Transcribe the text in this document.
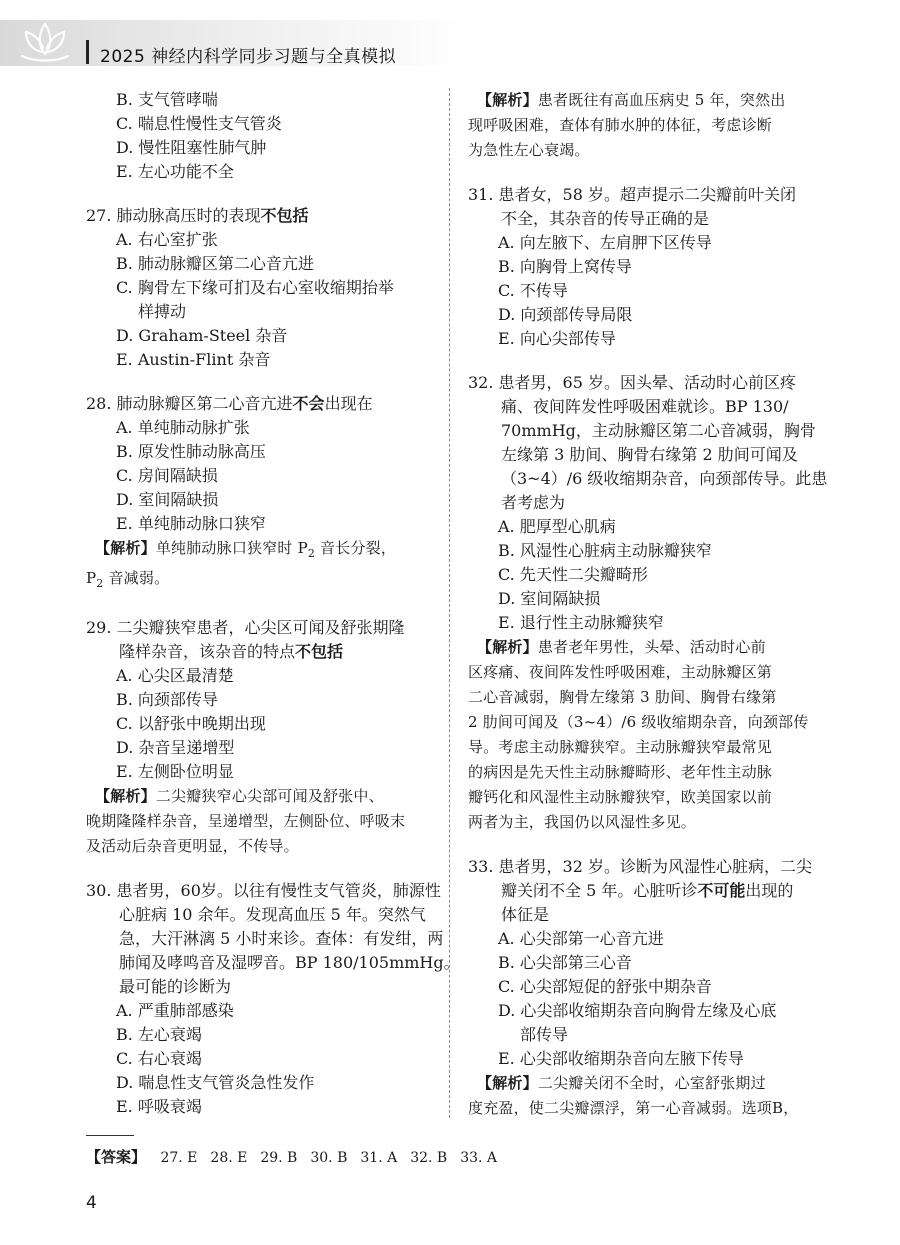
2025 神经内科学同步习题与全真模拟
B. 支气管哮喘
C. 喘息性慢性支气管炎
D. 慢性阻塞性肺气肿
E. 左心功能不全
27. 肺动脉高压时的表现不包括
A. 右心室扩张
B. 肺动脉瓣区第二心音亢进
C. 胸骨左下缘可扪及右心室收缩期抬举
样搏动
D. Graham-Steel 杂音
E. Austin-Flint 杂音
28. 肺动脉瓣区第二心音亢进不会出现在
A. 单纯肺动脉扩张
B. 原发性肺动脉高压
C. 房间隔缺损
D. 室间隔缺损
E. 单纯肺动脉口狭窄
【解析】单纯肺动脉口狭窄时 $P_2$ 音长分裂，
$P_2$ 音减弱。
29. 二尖瓣狭窄患者，心尖区可闻及舒张期隆
隆样杂音，该杂音的特点不包括
A. 心尖区最清楚
B. 向颈部传导
C. 以舒张中晚期出现
D. 杂音呈递增型
E. 左侧卧位明显
【解析】二尖瓣狭窄心尖部可闻及舒张中、
晚期隆隆样杂音，呈递增型，左侧卧位、呼吸末
及活动后杂音更明显，不传导。
30. 患者男，60岁。以往有慢性支气管炎，肺源性
心脏病 10 余年。发现高血压 5 年。突然气
急，大汗淋漓 5 小时来诊。查体：有发绀，两
肺闻及哮鸣音及湿啰音。BP 180/105mmHg。
最可能的诊断为
A. 严重肺部感染
B. 左心衰竭
C. 右心衰竭
D. 喘息性支气管炎急性发作
E. 呼吸衰竭
【解析】患者既往有高血压病史 5 年，突然出
现呼吸困难，查体有肺水肿的体征，考虑诊断
为急性左心衰竭。
31. 患者女，58 岁。超声提示二尖瓣前叶关闭
不全，其杂音的传导正确的是
A. 向左腋下、左肩胛下区传导
B. 向胸骨上窝传导
C. 不传导
D. 向颈部传导局限
E. 向心尖部传导
32. 患者男，65 岁。因头晕、活动时心前区疼
痛、夜间阵发性呼吸困难就诊。BP 130/
70mmHg，主动脉瓣区第二心音减弱，胸骨
左缘第 3 肋间、胸骨右缘第 2 肋间可闻及
（3~4）/6 级收缩期杂音，向颈部传导。此患
者考虑为
A. 肥厚型心肌病
B. 风湿性心脏病主动脉瓣狭窄
C. 先天性二尖瓣畸形
D. 室间隔缺损
E. 退行性主动脉瓣狭窄
【解析】患者老年男性，头晕、活动时心前
区疼痛、夜间阵发性呼吸困难，主动脉瓣区第
二心音减弱，胸骨左缘第 3 肋间、胸骨右缘第
2 肋间可闻及（3~4）/6 级收缩期杂音，向颈部传
导。考虑主动脉瓣狭窄。主动脉瓣狭窄最常见
的病因是先天性主动脉瓣畸形、老年性主动脉
瓣钙化和风湿性主动脉瓣狭窄，欧美国家以前
两者为主，我国仍以风湿性多见。
33. 患者男，32 岁。诊断为风湿性心脏病，二尖
瓣关闭不全 5 年。心脏听诊不可能出现的
体征是
A. 心尖部第一心音亢进
B. 心尖部第三心音
C. 心尖部短促的舒张中期杂音
D. 心尖部收缩期杂音向胸骨左缘及心底
部传导
E. 心尖部收缩期杂音向左腋下传导
【解析】二尖瓣关闭不全时，心室舒张期过
度充盈，使二尖瓣漂浮，第一心音减弱。选项B，
【答案】 27. E 28. E 29. B 30. B 31. A 32. B 33. A
4
